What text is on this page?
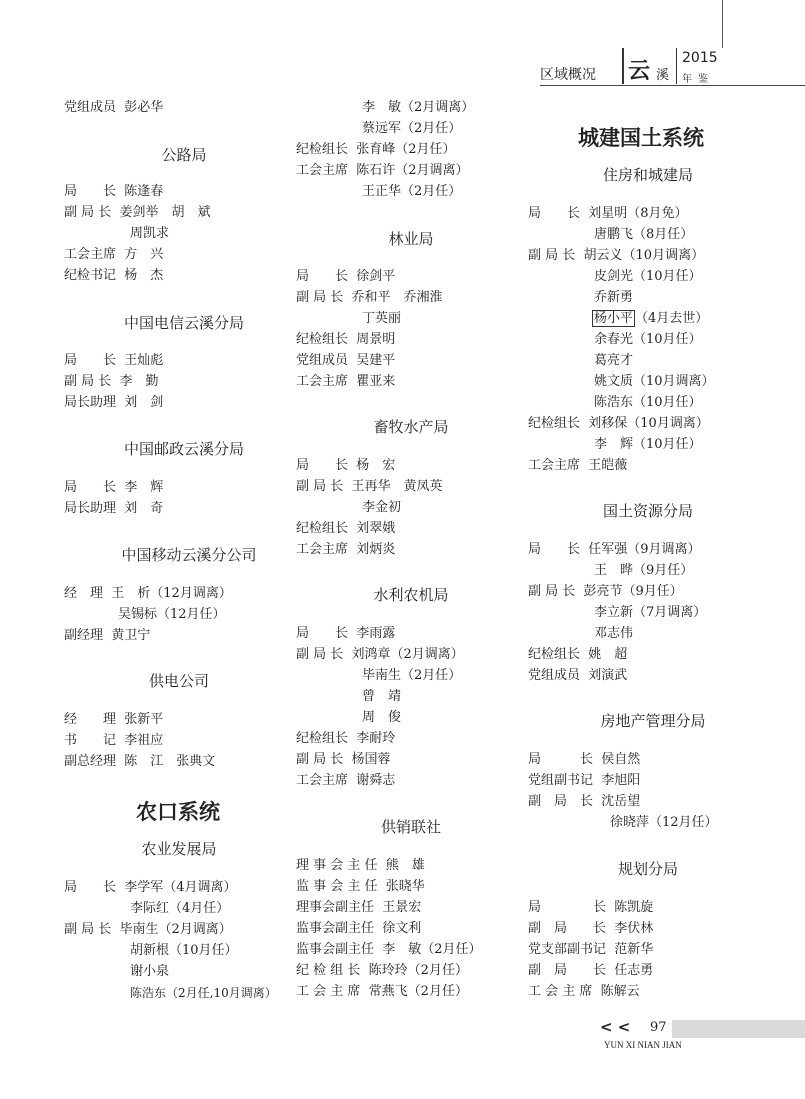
区域概况 云 溪
2015
年鉴
党组成员 彭必华
公路局
局　　长 陈逢春
副 局 长 姜剑举　胡　斌
周凯求
工会主席 方　兴
纪检书记 杨　杰
中国电信云溪分局
局　　长 王灿彪
副 局 长 李　勤
局长助理 刘　剑
中国邮政云溪分局
局　　长 李　辉
局长助理 刘　奇
中国移动云溪分公司
经　理 王　析（12月调离）
吴锡标（12月任）
副经理 黄卫宁
供电公司
经　　理 张新平
书　　记 李祖应
副总经理 陈　江　张典文
农口系统
农业发展局
局　　长 李学军（4月调离）
李际红（4月任）
副 局 长 毕南生（2月调离）
胡新根（10月任）
谢小泉
陈浩东（2月任,10月调离）
李　敏（2月调离）
蔡远军（2月任）
纪检组长 张育峰（2月任）
工会主席 陈石许（2月调离）
王正华（2月任）
林业局
局　　长 徐剑平
副 局 长 乔和平　乔湘淮
丁英丽
纪检组长 周景明
党组成员 吴建平
工会主席 瞿亚来
畜牧水产局
局　　长 杨　宏
副 局 长 王再华　黄凤英
李金初
纪检组长 刘翠娥
工会主席 刘炳炎
水利农机局
局　　长 李雨露
副 局 长 刘鸿章（2月调离）
毕南生（2月任）
曾　靖
周　俊
纪检组长 李耐玲
副 局 长 杨国蓉
工会主席 谢舜志
供销联社
理 事 会 主 任 熊　雄
监 事 会 主 任 张晓华
理事会副主任 王景宏
监事会副主任 徐文利
监事会副主任 李　敏（2月任）
纪 检 组 长 陈玲玲（2月任）
工 会 主 席 常燕飞（2月任）
城建国土系统
住房和城建局
局　　长 刘星明（8月免）
唐鹏飞（8月任）
副 局 长 胡云义（10月调离）
皮剑光（10月任）
乔新勇
杨小平 （4月去世）
余春光（10月任）
葛亮才
姚文质（10月调离）
陈浩东（10月任）
纪检组长 刘移保（10月调离）
李　辉（10月任）
工会主席 王皑薇
国土资源分局
局　　长 任军强（9月调离）
王　晔（9月任）
副 局 长 彭亮节（9月任）
李立新（7月调离）
邓志伟
纪检组长 姚　超
党组成员 刘演武
房地产管理分局
局　　　长 侯自然
党组副书记 李旭阳
副　局　长 沈岳望
徐晓萍（12月任）
规划分局
局　　　　长 陈凯旋
副　局　　长 李伏林
党支部副书记 范新华
副　局　　长 任志勇
工 会 主 席 陈解云
< < 97
YUN XI NIAN JIAN
